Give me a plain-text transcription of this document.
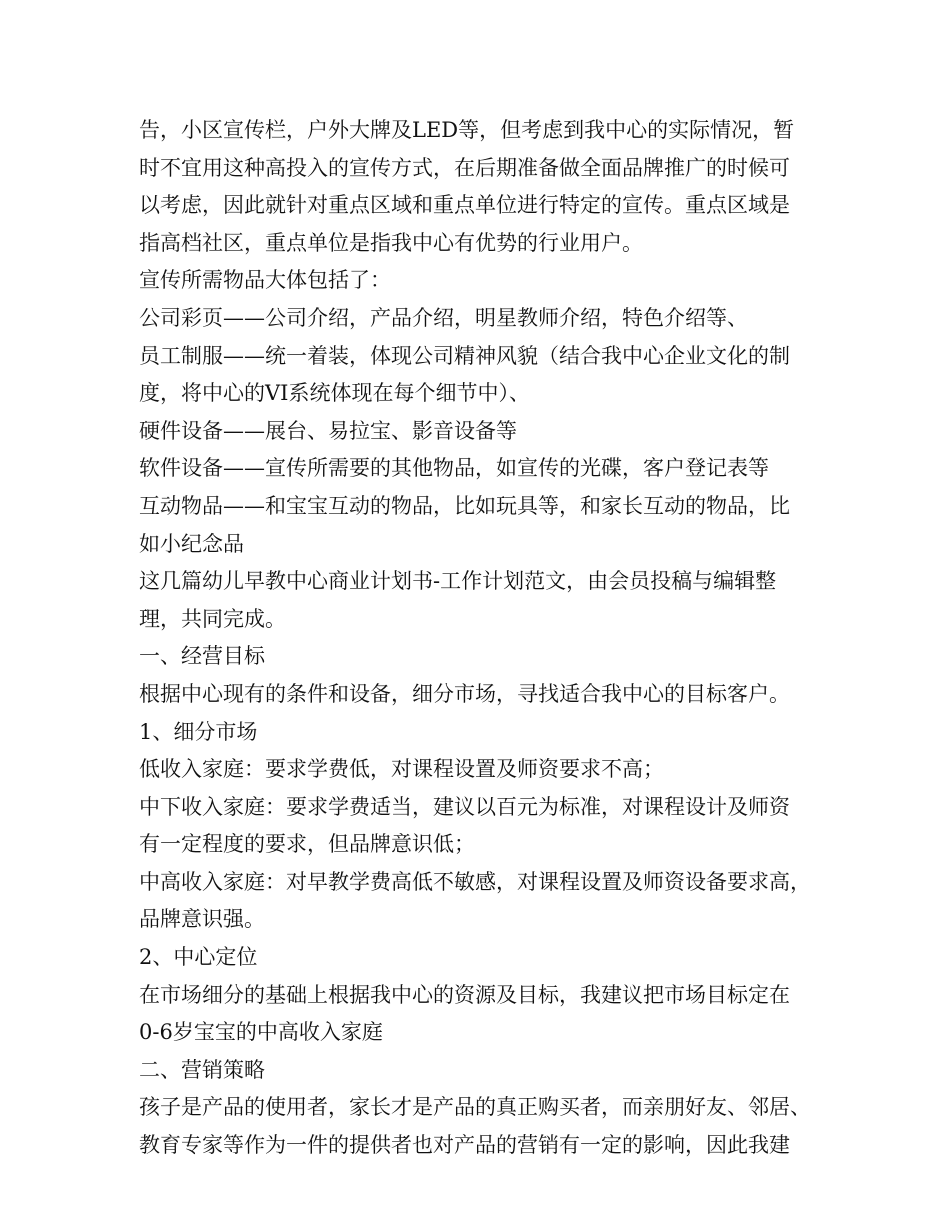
告，小区宣传栏，户外大牌及LED等，但考虑到我中心的实际情况，暂
时不宜用这种高投入的宣传方式，在后期准备做全面品牌推广的时候可
以考虑，因此就针对重点区域和重点单位进行特定的宣传。重点区域是
指高档社区，重点单位是指我中心有优势的行业用户。
宣传所需物品大体包括了：
公司彩页——公司介绍，产品介绍，明星教师介绍，特色介绍等、
员工制服——统一着装，体现公司精神风貌（结合我中心企业文化的制
度，将中心的VI系统体现在每个细节中）、
硬件设备——展台、易拉宝、影音设备等
软件设备——宣传所需要的其他物品，如宣传的光碟，客户登记表等
互动物品——和宝宝互动的物品，比如玩具等，和家长互动的物品，比
如小纪念品
这几篇幼儿早教中心商业计划书-工作计划范文，由会员投稿与编辑整
理，共同完成。
一、经营目标
根据中心现有的条件和设备，细分市场，寻找适合我中心的目标客户。
1、细分市场
低收入家庭：要求学费低，对课程设置及师资要求不高；
中下收入家庭：要求学费适当，建议以百元为标准，对课程设计及师资
有一定程度的要求，但品牌意识低；
中高收入家庭：对早教学费高低不敏感，对课程设置及师资设备要求高，
品牌意识强。
2、中心定位
在市场细分的基础上根据我中心的资源及目标，我建议把市场目标定在
0-6岁宝宝的中高收入家庭
二、营销策略
孩子是产品的使用者，家长才是产品的真正购买者，而亲朋好友、邻居、
教育专家等作为一件的提供者也对产品的营销有一定的影响，因此我建
